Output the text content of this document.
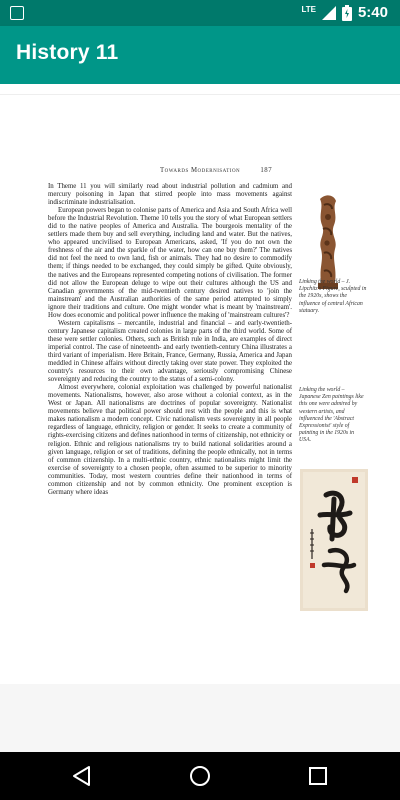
LTE	5:40
History 11
Towards Modernisation	187

In Theme 11 you will similarly read about industrial pollution and cadmium and mercury poisoning in Japan that stirred people into mass movements against indiscriminate industrialisation.

European powers began to colonise parts of America and Asia and South Africa well before the Industrial Revolution. Theme 10 tells you the story of what European settlers did to the native peoples of America and Australia. The bourgeois mentality of the settlers made them buy and sell everything, including land and water. But the natives, who appeared uncivilised to European Americans, asked, 'If you do not own the freshness of the air and the sparkle of the water, how can one buy them?' The natives did not feel the need to own land, fish or animals. They had no desire to commodify them; if things needed to be exchanged, they could simply be gifted. Quite obviously, the natives and the Europeans represented competing notions of civilisation. The former did not allow the European deluge to wipe out their cultures although the US and Canadian governments of the mid-twentieth century desired natives to 'join the mainstream' and the Australian authorities of the same period attempted to simply ignore their traditions and culture. One might wonder what is meant by 'mainstream'. How does economic and political power influence the making of 'mainstream cultures'?

Western capitalisms – mercantile, industrial and financial – and early-twentieth-century Japanese capitalism created colonies in large parts of the third world. Some of these were settler colonies. Others, such as British rule in India, are examples of direct imperial control. The case of nineteenth- and early twentieth-century China illustrates a third variant of imperialism. Here Britain, France, Germany, Russia, America and Japan meddled in Chinese affairs without directly taking over state power. They exploited the country's resources to their own advantage, seriously compromising Chinese sovereignty and reducing the country to the status of a semi-colony.

Almost everywhere, colonial exploitation was challenged by powerful nationalist movements. Nationalisms, however, also arose without a colonial context, as in the West or Japan. All nationalisms are doctrines of popular sovereignty. Nationalist movements believe that political power should rest with the people and this is what makes nationalism a modern concept. Civic nationalism vests sovereignty in all people regardless of language, ethnicity, religion or gender. It seeks to create a community of rights-exercising citizens and defines nationhood in terms of citizenship, not ethnicity or religion. Ethnic and religious nationalisms try to build national solidarities around a given language, religion or set of traditions, defining the people ethnically, not in terms of common citizenship. In a multi-ethnic country, ethnic nationalists might limit the exercise of sovereignty to a chosen people, often assumed to be superior to minority communities. Today, most western countries define their nationhood in terms of common citizenship and not by common ethnicity. One prominent exception is Germany where ideas

Linking the world – J. Lipchitz's Figure, sculpted in the 1920s, shows the influence of central African statuary.
Linking the world – Japanese Zen paintings like this one were admired by western artists, and influenced the 'Abstract Expressionist' style of painting in the 1920s in USA.
